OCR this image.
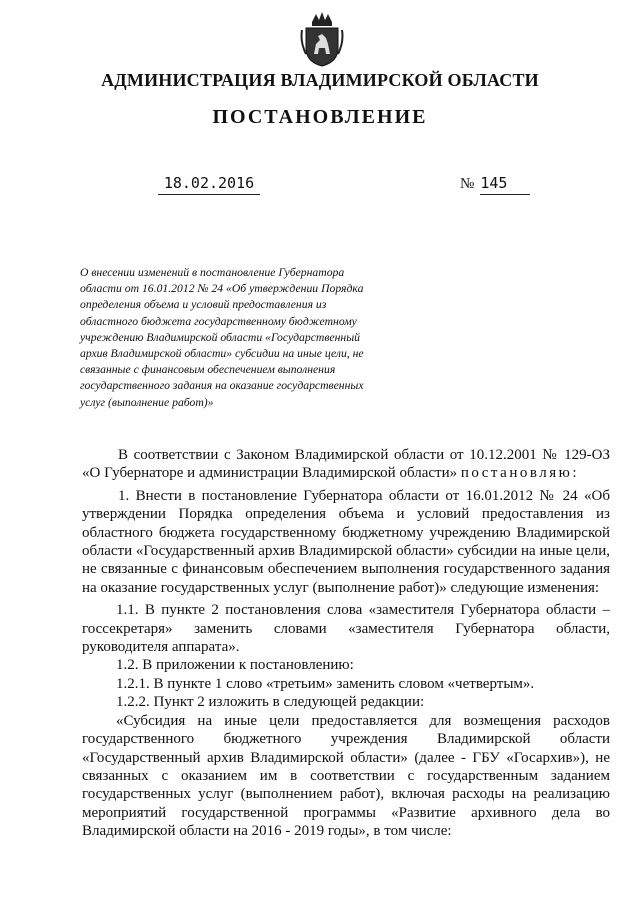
АДМИНИСТРАЦИЯ ВЛАДИМИРСКОЙ ОБЛАСТИ
ПОСТАНОВЛЕНИЕ
18.02.2016	№ 145
О внесении изменений в постановление Губернатора области от 16.01.2012 № 24 «Об утверждении Порядка определения объема и условий предоставления из областного бюджета государственному бюджетному учреждению Владимирской области «Государственный архив Владимирской области» субсидии на иные цели, не связанные с финансовым обеспечением выполнения государственного задания на оказание государственных услуг (выполнение работ)»

В соответствии с Законом Владимирской области от 10.12.2001 № 129-ОЗ «О Губернаторе и администрации Владимирской области» постановляю:

1. Внести в постановление Губернатора области от 16.01.2012 № 24 «Об утверждении Порядка определения объема и условий предоставления из областного бюджета государственному бюджетному учреждению Владимирской области «Государственный архив Владимирской области» субсидии на иные цели, не связанные с финансовым обеспечением выполнения государственного задания на оказание государственных услуг (выполнение работ)» следующие изменения:

1.1. В пункте 2 постановления слова «заместителя Губернатора области – госсекретаря» заменить словами «заместителя Губернатора области, руководителя аппарата».

1.2. В приложении к постановлению:

1.2.1. В пункте 1 слово «третьим» заменить словом «четвертым».

1.2.2. Пункт 2 изложить в следующей редакции:

«Субсидия на иные цели предоставляется для возмещения расходов государственного бюджетного учреждения Владимирской области «Государственный архив Владимирской области» (далее - ГБУ «Госархив»), не связанных с оказанием им в соответствии с государственным заданием государственных услуг (выполнением работ), включая расходы на реализацию мероприятий государственной программы «Развитие архивного дела во Владимирской области на 2016 - 2019 годы», в том числе:
